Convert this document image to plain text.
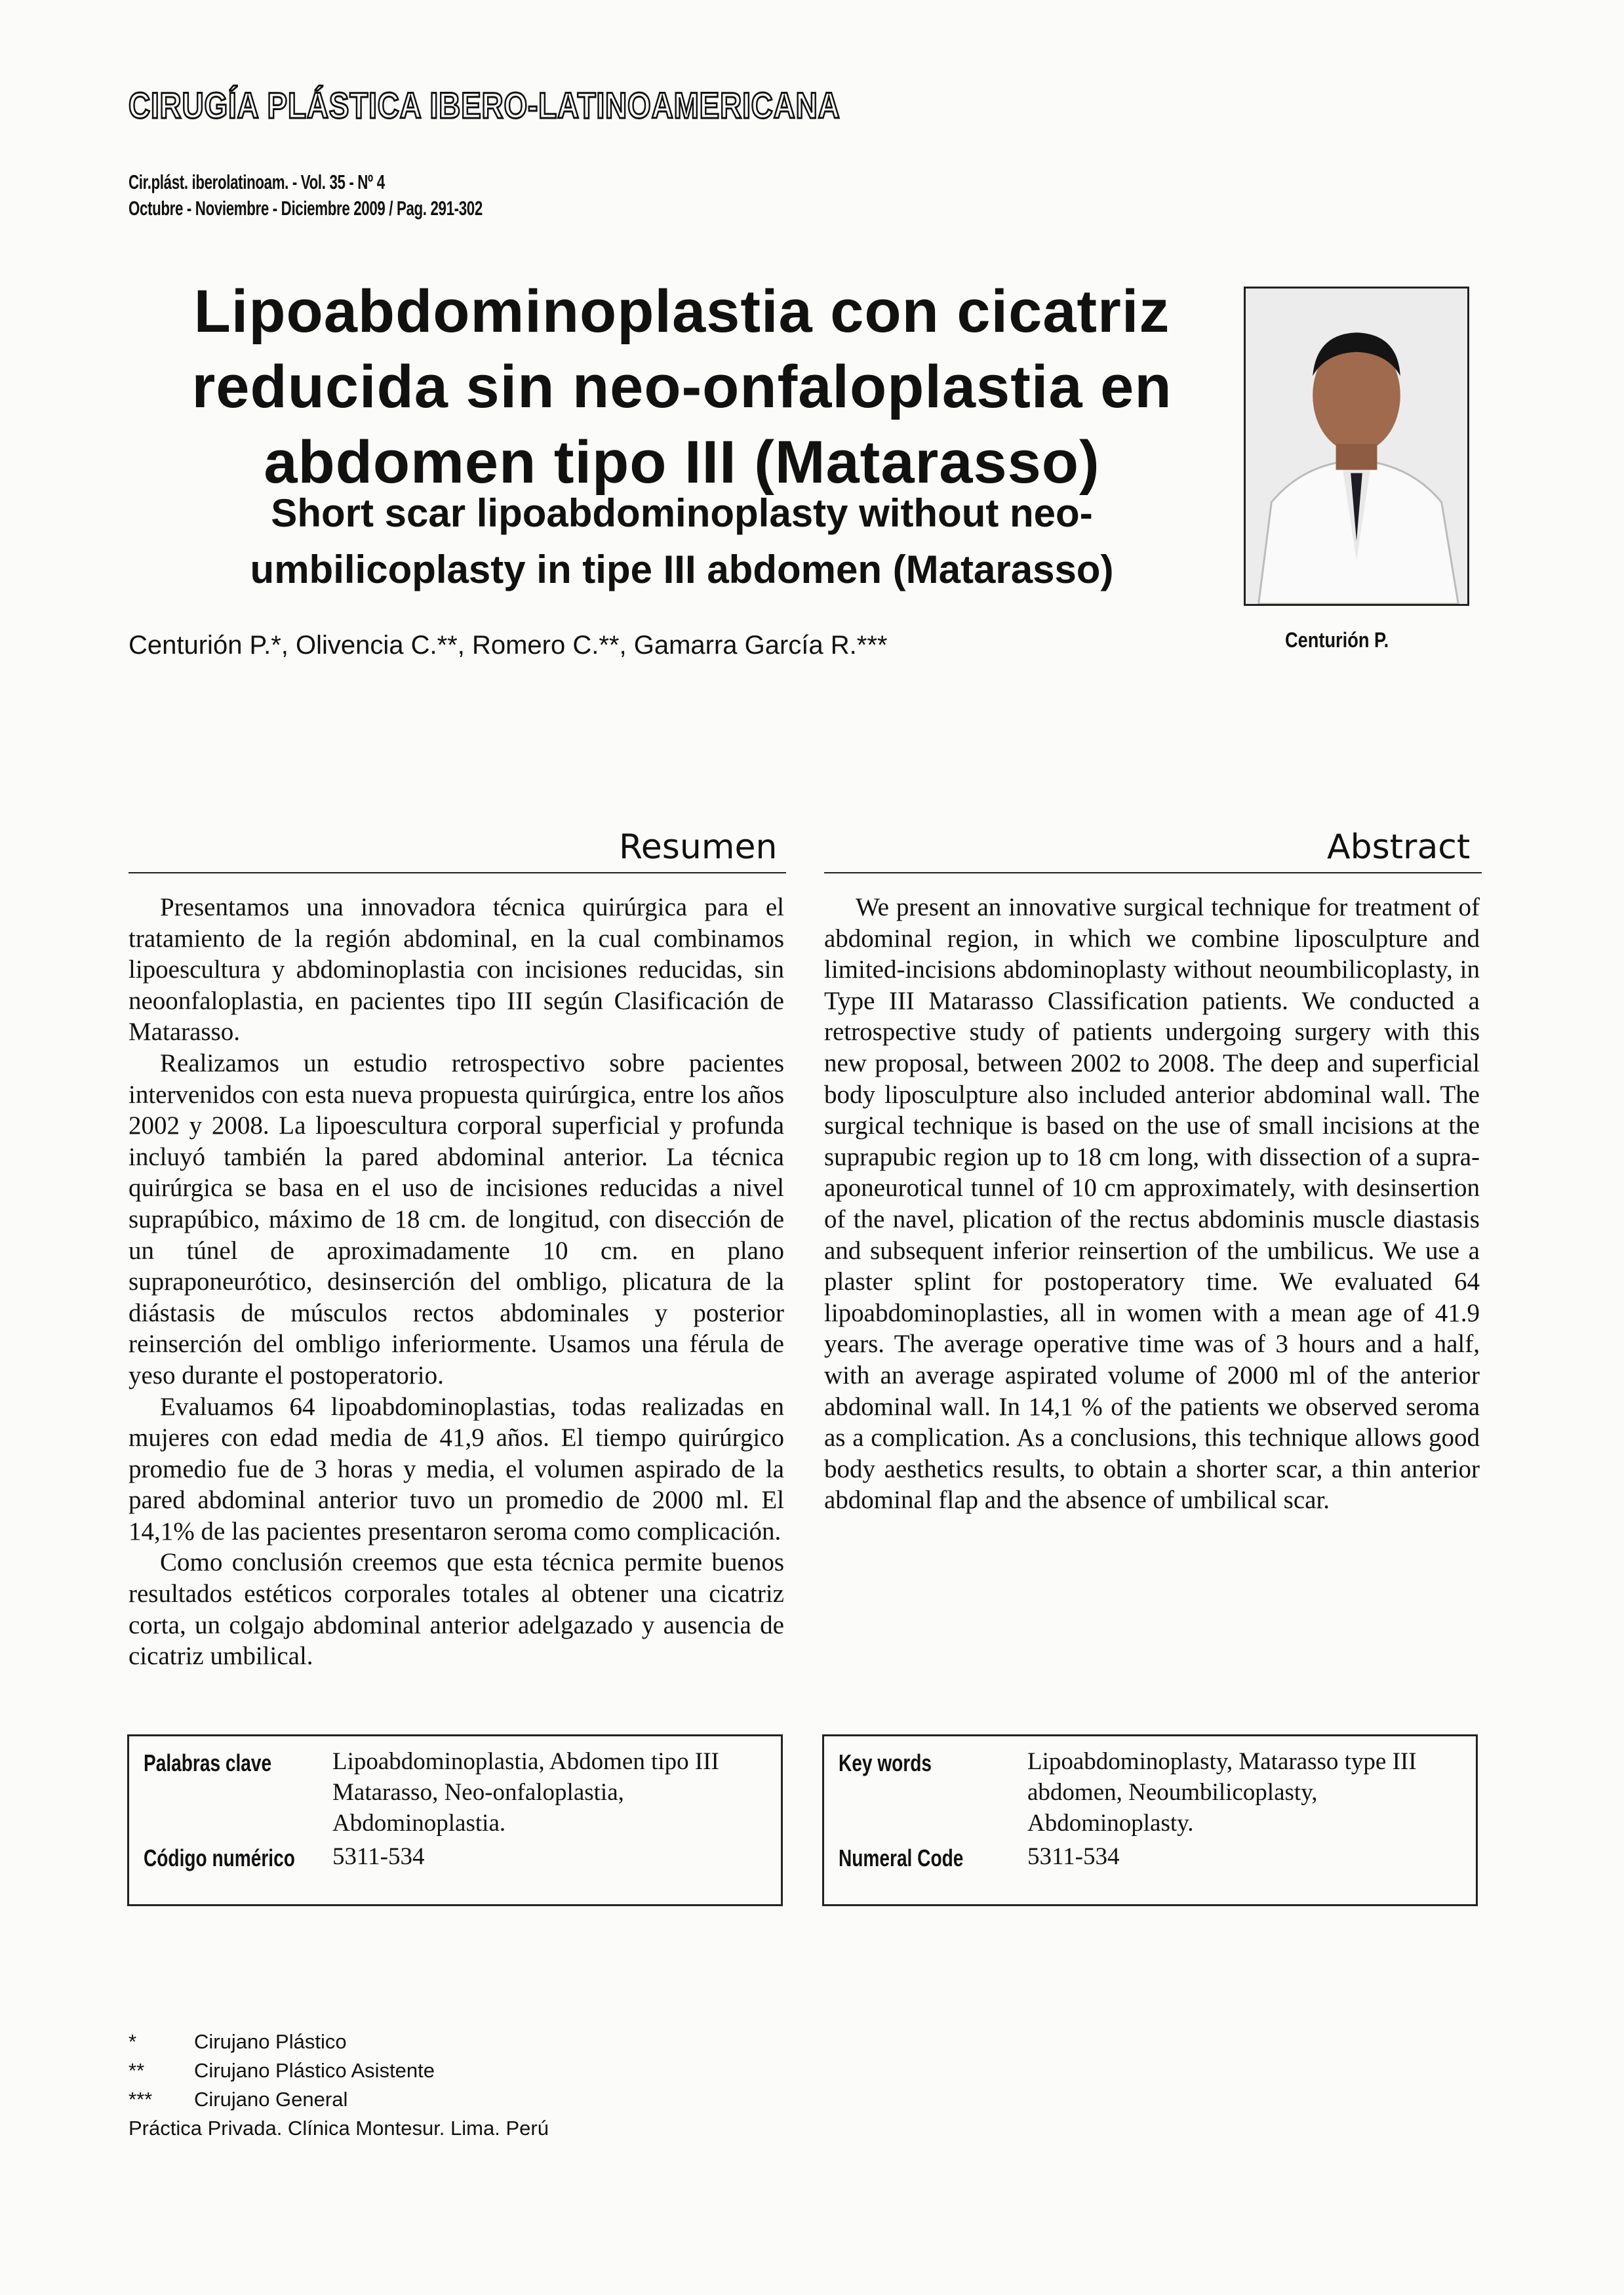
CIRUGÍA PLÁSTICA IBERO-LATINOAMERICANA
Cir.plást. iberolatinoam. - Vol. 35 - Nº 4
Octubre - Noviembre - Diciembre 2009 / Pag. 291-302
Lipoabdominoplastia con cicatriz
reducida sin neo-onfaloplastia en
abdomen tipo III (Matarasso)
Short scar lipoabdominoplasty without neo-
umbilicoplasty in tipe III abdomen (Matarasso)
Centurión P.
Centurión P.*, Olivencia C.**, Romero C.**, Gamarra García R.***
Resumen	Abstract

Presentamos una innovadora técnica quirúrgica para el tratamiento de la región abdominal, en la cual combinamos lipoescultura y abdominoplastia con incisiones reducidas, sin neoonfaloplastia, en pacientes tipo III según Clasificación de Matarasso.

Realizamos un estudio retrospectivo sobre pacientes intervenidos con esta nueva propuesta quirúrgica, entre los años 2002 y 2008. La lipoescultura corporal superficial y profunda incluyó también la pared abdominal anterior. La técnica quirúrgica se basa en el uso de incisiones reducidas a nivel suprapúbico, máximo de 18 cm. de longitud, con disección de un túnel de aproximadamente 10 cm. en plano supraponeurótico, desinserción del ombligo, plicatura de la diástasis de músculos rectos abdominales y posterior reinserción del ombligo inferiormente. Usamos una férula de yeso durante el postoperatorio.

Evaluamos 64 lipoabdominoplastias, todas realizadas en mujeres con edad media de 41,9 años. El tiempo quirúrgico promedio fue de 3 horas y media, el volumen aspirado de la pared abdominal anterior tuvo un promedio de 2000 ml. El 14,1% de las pacientes presentaron seroma como complicación.

Como conclusión creemos que esta técnica permite buenos resultados estéticos corporales totales al obtener una cicatriz corta, un colgajo abdominal anterior adelgazado y ausencia de cicatriz umbilical.

We present an innovative surgical technique for treatment of abdominal region, in which we combine liposculpture and limited-incisions abdominoplasty without neoumbilicoplasty, in Type III Matarasso Classification patients. We conducted a retrospective study of patients undergoing surgery with this new proposal, between 2002 to 2008. The deep and superficial body liposculpture also included anterior abdominal wall. The surgical technique is based on the use of small incisions at the suprapubic region up to 18 cm long, with dissection of a supra-aponeurotical tunnel of 10 cm approximately, with desinsertion of the navel, plication of the rectus abdominis muscle diastasis and subsequent inferior reinsertion of the umbilicus. We use a plaster splint for postoperatory time. We evaluated 64 lipoabdominoplasties, all in women with a mean age of 41.9 years. The average operative time was of 3 hours and a half, with an average aspirated volume of 2000 ml of the anterior abdominal wall. In 14,1 % of the patients we observed seroma as a complication. As a conclusions, this technique allows good body aesthetics results, to obtain a shorter scar, a thin anterior abdominal flap and the absence of umbilical scar.

Palabras clave	Lipoabdominoplastia, Abdomen tipo III Matarasso, Neo-onfaloplastia, Abdominoplastia.
Código numérico 5311-534
Key words	Lipoabdominoplasty, Matarasso type III abdomen, Neoumbilicoplasty, Abdominoplasty.
Numeral Code	5311-534
*	Cirujano Plástico
**	Cirujano Plástico Asistente
***	Cirujano General
Práctica Privada. Clínica Montesur. Lima. Perú
